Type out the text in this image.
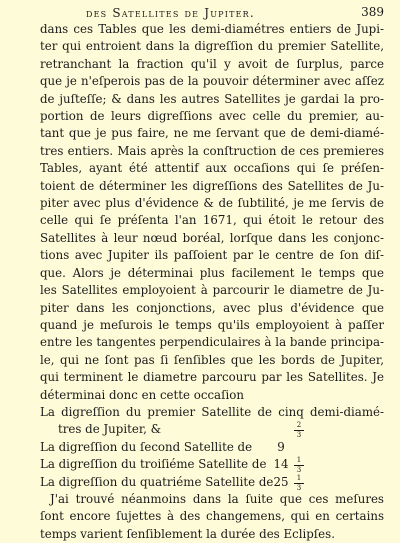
des Satellites de Jupiter.	389
dans ces Tables que les demi-diamétres entiers de Jupi-
ter qui entroient dans la digreſſion du premier Satellite,
retranchant la fraction qu'il y avoit de ſurplus, parce
que je n'eſperois pas de la pouvoir déterminer avec aſſez
de juſteſſe; & dans les autres Satellites je gardai la pro-
portion de leurs digreſſions avec celle du premier, au-
tant que je pus faire, ne me ſervant que de demi-diamé-
tres entiers. Mais après la conſtruction de ces premieres
Tables, ayant été attentif aux occaſions qui ſe préſen-
toient de déterminer les digreſſions des Satellites de Ju-
piter avec plus d'évidence & de ſubtilité, je me ſervis de
celle qui ſe préſenta l'an 1671, qui étoit le retour des
Satellites à leur nœud boréal, lorſque dans les conjonc-
tions avec Jupiter ils paſſoient par le centre de ſon diſ-
que. Alors je déterminai plus facilement le temps que
les Satellites employoient à parcourir le diametre de Ju-
piter dans les conjonctions, avec plus d'évidence que
quand je meſurois le temps qu'ils employoient à paſſer
entre les tangentes perpendiculaires à la bande principa-
le, qui ne ſont pas ſi ſenſibles que les bords de Jupiter,
qui terminent le diametre parcouru par les Satellites. Je
déterminai donc en cette occaſion
La digreſſion du premier Satellite de cinq demi-diamé-
tres de Jupiter, &	2
3
La digreſſion du ſecond Satellite de	9
La digreſſion du troiſiéme Satellite de 14	1
3
La digreſſion du quatriéme Satellite de 25	1
3
J'ai trouvé néanmoins dans la ſuite que ces meſures
ſont encore ſujettes à des changemens, qui en certains
temps varient ſenſiblement la durée des Eclipſes.
